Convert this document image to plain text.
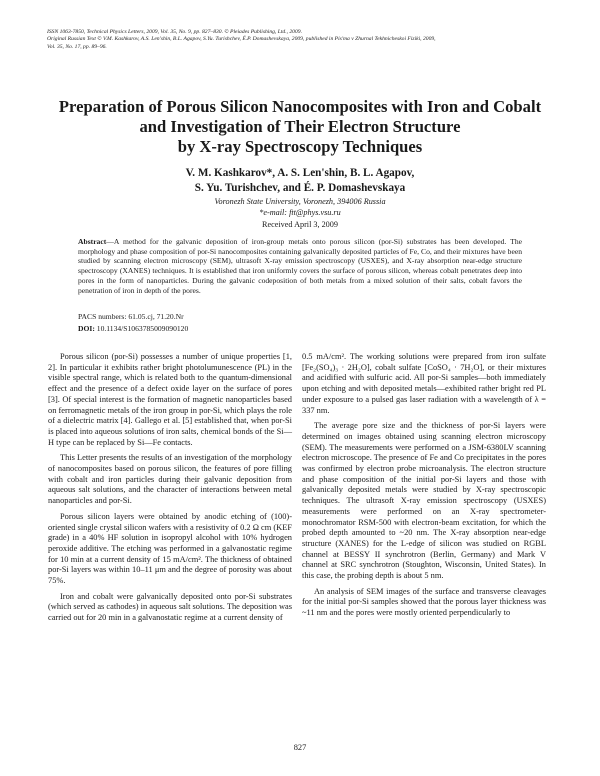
ISSN 1063-7850, Technical Physics Letters, 2009, Vol. 35, No. 9, pp. 827–830. © Pleiades Publishing, Ltd., 2009.
Original Russian Text © V.M. Kashkarov, A.S. Len'shin, B.L. Agapov, S.Yu. Turishchev, É.P. Domashevskaya, 2009, published in Pis'ma v Zhurnal Tekhnicheskoi Fiziki, 2009,
Vol. 35, No. 17, pp. 89–96.
Preparation of Porous Silicon Nanocomposites with Iron and Cobalt
and Investigation of Their Electron Structure
by X-ray Spectroscopy Techniques
V. M. Kashkarov*, A. S. Len'shin, B. L. Agapov,
S. Yu. Turishchev, and É. P. Domashevskaya
Voronezh State University, Voronezh, 394006 Russia
*e-mail: ftt@phys.vsu.ru
Received April 3, 2009
Abstract—A method for the galvanic deposition of iron-group metals onto porous silicon (por-Si) substrates has been developed. The morphology and phase composition of por-Si nanocomposites containing galvanically deposited particles of Fe, Co, and their mixtures have been studied by scanning electron microscopy (SEM), ultrasoft X-ray emission spectroscopy (USXES), and X-ray absorption near-edge structure spectroscopy (XANES) techniques. It is established that iron uniformly covers the surface of porous silicon, whereas cobalt penetrates deep into pores in the form of nanoparticles. During the galvanic codeposition of both metals from a mixed solution of their salts, cobalt favors the penetration of iron in depth of the pores.
PACS numbers: 61.05.cj, 71.20.Nr
DOI: 10.1134/S1063785009090120

Porous silicon (por-Si) possesses a number of unique properties [1, 2]. In particular it exhibits rather bright photolumunescence (PL) in the visible spectral range, which is related both to the quantum-dimensional effect and the presence of a defect oxide layer on the surface of pores [3]. Of special interest is the formation of magnetic nanoparticles based on ferromagnetic metals of the iron group in por-Si, which plays the role of a dielectric matrix [4]. Gallego et al. [5] established that, when por-Si is placed into aqueous solutions of iron salts, chemical bonds of the Si—H type can be replaced by Si—Fe contacts.

This Letter presents the results of an investigation of the morphology of nanocomposites based on porous silicon, the features of pore filling with cobalt and iron particles during their galvanic deposition from aqueous salt solutions, and the character of interactions between metal nanoparticles and por-Si.

Porous silicon layers were obtained by anodic etching of (100)-oriented single crystal silicon wafers with a resistivity of 0.2 Ω cm (KEF grade) in a 40% HF solution in isopropyl alcohol with 10% hydrogen peroxide additive. The etching was performed in a galvanostatic regime for 10 min at a current density of 15 mA/cm². The thickness of obtained por-Si layers was within 10–11 μm and the degree of porosity was about 75%.

Iron and cobalt were galvanically deposited onto por-Si substrates (which served as cathodes) in aqueous salt solutions. The deposition was carried out for 20 min in a galvanostatic regime at a current density of

0.5 mA/cm². The working solutions were prepared from iron sulfate [Fe₂(SO₄)₃ · 2H₂O], cobalt sulfate [CoSO₄ · 7H₂O], or their mixtures and acidified with sulfuric acid. All por-Si samples—both immediately upon etching and with deposited metals—exhibited rather bright red PL under exposure to a pulsed gas laser radiation with a wavelength of λ = 337 nm.

The average pore size and the thickness of por-Si layers were determined on images obtained using scanning electron microscopy (SEM). The measurements were performed on a JSM-6380LV scanning electron microscope. The presence of Fe and Co precipitates in the pores was confirmed by electron probe microanalysis. The electron structure and phase composition of the initial por-Si layers and those with galvanically deposited metals were studied by X-ray spectroscopic techniques. The ultrasoft X-ray emission spectroscopy (USXES) measurements were performed on an X-ray spectrometer-monochromator RSM-500 with electron-beam excitation, for which the probed depth amounted to ~20 nm. The X-ray absorption near-edge structure (XANES) for the L-edge of silicon was studied on RGBL channel at BESSY II synchrotron (Berlin, Germany) and Mark V channel at SRC synchrotron (Stoughton, Wisconsin, United States). In this case, the probing depth is about 5 nm.

An analysis of SEM images of the surface and transverse cleavages for the initial por-Si samples showed that the porous layer thickness was ~11 nm and the pores were mostly oriented perpendicularly to

827
